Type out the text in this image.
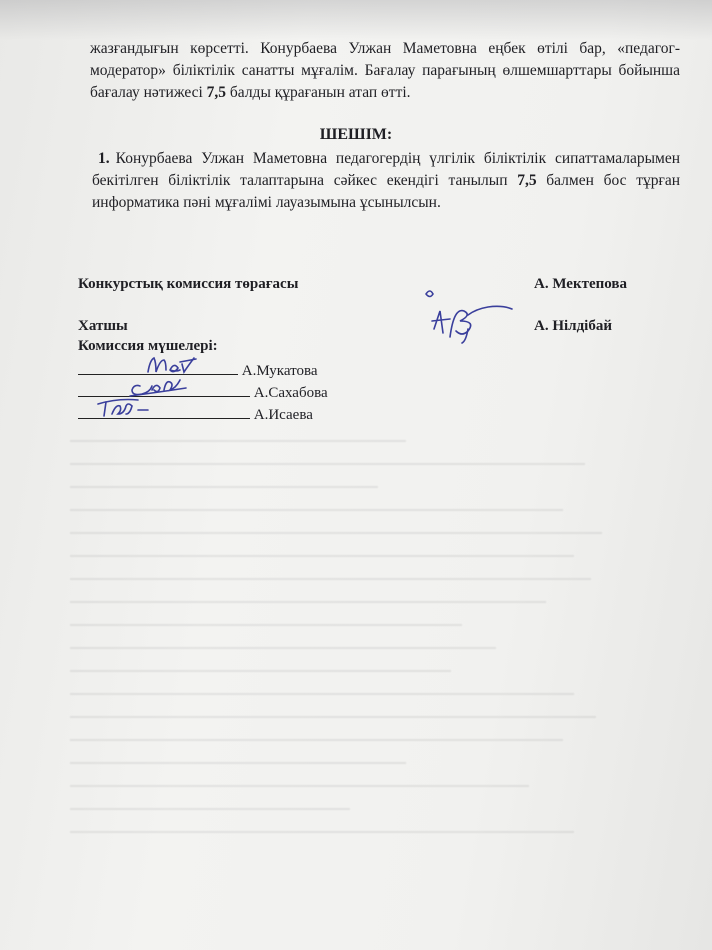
жазғандығын көрсетті. Конурбаева Улжан Маметовна еңбек өтілі бар, «педагог-модератор» біліктілік санатты мұғалім. Бағалау парағының өлшемшарттары бойынша бағалау нәтижесі 7,5 балды құрағанын атап өтті.
ШЕШІМ:
1. Конурбаева Улжан Маметовна педагогердің үлгілік біліктілік сипаттамаларымен бекітілген біліктілік талаптарына сәйкес екендігі танылып 7,5 балмен бос тұрған информатика пәні мұғалімі лауазымына ұсынылсын.
Конкурстық комиссия төрағасы	А. Мектепова
Хатшы	А. Нілдібай
Комиссия мүшелері:
А.Мукатова
А.Сахабова
А.Исаева
